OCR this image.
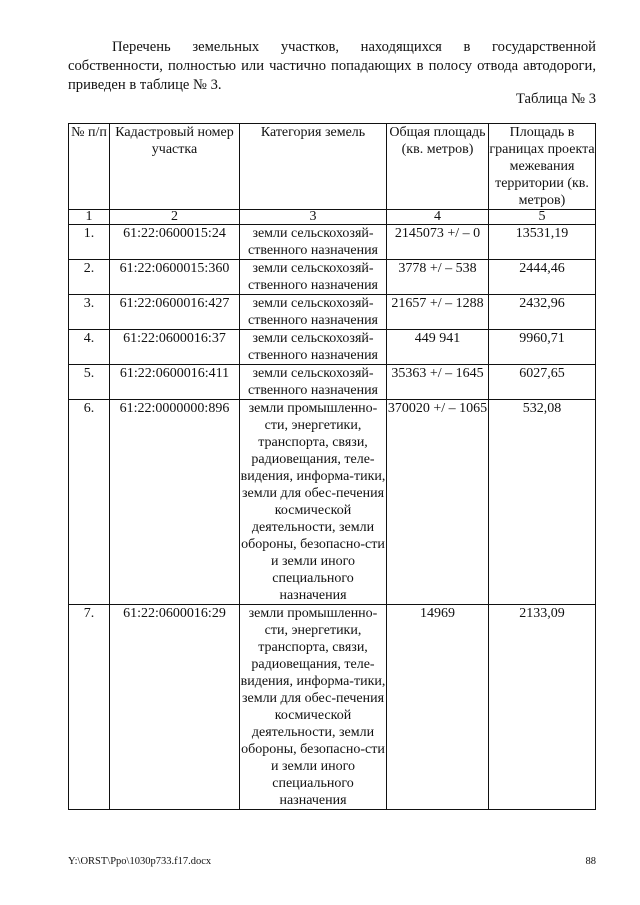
Перечень земельных участков, находящихся в государственной собственности, полностью или частично попадающих в полосу отвода автодороги, приведен в таблице № 3.

Таблица № 3
№ п/п	Кадастровый номер участка	Категория земель	Общая площадь (кв. метров)	Площадь в границах проекта межевания территории (кв. метров)
1	2	3	4	5
1.	61:22:0600015:24	земли сельскохозяй-ственного назначения	2145073 +/ – 0	13531,19
2.	61:22:0600015:360	земли сельскохозяй-ственного назначения	3778 +/ – 538	2444,46
3.	61:22:0600016:427	земли сельскохозяй-ственного назначения	21657 +/ – 1288	2432,96
4.	61:22:0600016:37	земли сельскохозяй-ственного назначения	449 941	9960,71
5.	61:22:0600016:411	земли сельскохозяй-ственного назначения	35363 +/ – 1645	6027,65
6.	61:22:0000000:896	земли промышленно-сти, энергетики, транспорта, связи, радиовещания, теле-видения, информа-тики, земли для обес-печения космической деятельности, земли обороны, безопасно-сти и земли иного специального назначения	370020 +/ – 1065	532,08
7.	61:22:0600016:29	земли промышленно-сти, энергетики, транспорта, связи, радиовещания, теле-видения, информа-тики, земли для обес-печения космической деятельности, земли обороны, безопасно-сти и земли иного специального назначения	14969	2133,09
Y:\ORST\Ppo\1030p733.f17.docx	88
